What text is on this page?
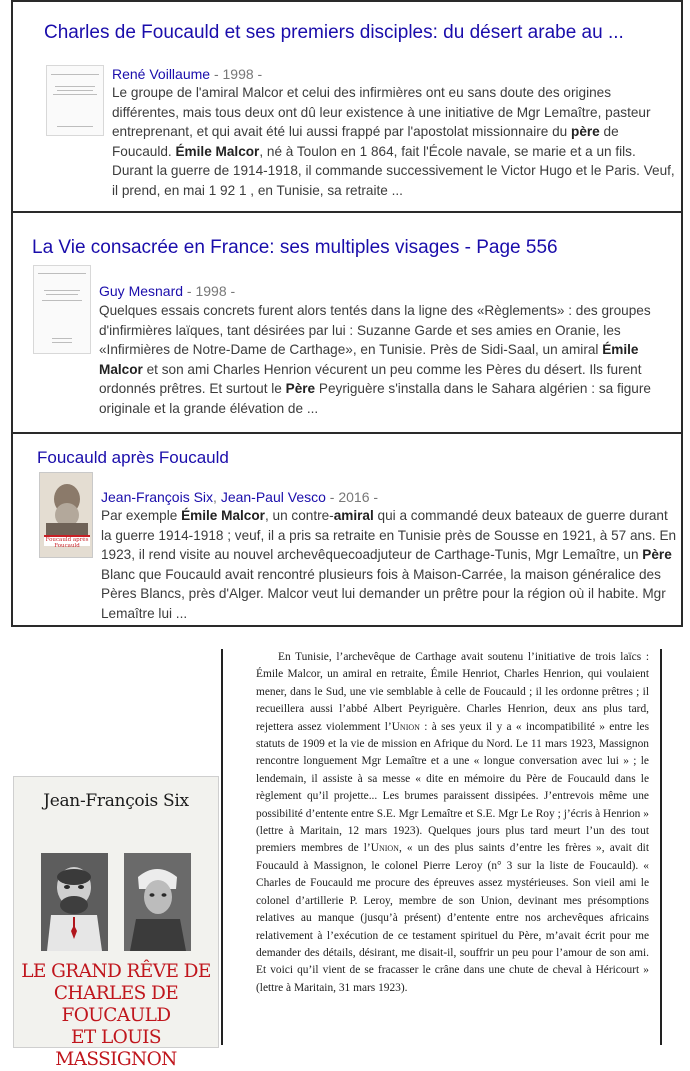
Charles de Foucauld et ses premiers disciples: du désert arabe au ...
René Voillaume - 1998 -

Le groupe de l'amiral Malcor et celui des infirmières ont eu sans doute des origines différentes, mais tous deux ont dû leur existence à une initiative de Mgr Lemaître, pasteur entreprenant, et qui avait été lui aussi frappé par l'apostolat missionnaire du père de Foucauld. Émile Malcor, né à Toulon en 1 864, fait l'École navale, se marie et a un fils. Durant la guerre de 1914-1918, il commande successivement le Victor Hugo et le Paris. Veuf, il prend, en mai 1 92 1 , en Tunisie, sa retraite ...

La Vie consacrée en France: ses multiples visages - Page 556
Guy Mesnard - 1998 -

Quelques essais concrets furent alors tentés dans la ligne des «Règlements» : des groupes d'infirmières laïques, tant désirées par lui : Suzanne Garde et ses amies en Oranie, les «Infirmières de Notre-Dame de Carthage», en Tunisie. Près de Sidi-Saal, un amiral Émile Malcor et son ami Charles Henrion vécurent un peu comme les Pères du désert. Ils furent ordonnés prêtres. Et surtout le Père Peyriguère s'installa dans le Sahara algérien : sa figure originale et la grande élévation de ...

Foucauld après Foucauld
Foucauld après Foucauld
Jean-François Six, Jean-Paul Vesco - 2016 -

Par exemple Émile Malcor, un contre-amiral qui a commandé deux bateaux de guerre durant la guerre 1914-1918 ; veuf, il a pris sa retraite en Tunisie près de Sousse en 1921, à 57 ans. En 1923, il rend visite au nouvel archevêquecoadjuteur de Carthage-Tunis, Mgr Lemaître, un Père Blanc que Foucauld avait rencontré plusieurs fois à Maison-Carrée, la maison généralice des Pères Blancs, près d'Alger. Malcor veut lui demander un prêtre pour la région où il habite. Mgr Lemaître lui ...

Jean-François Six
LE GRAND RÊVE DE
CHARLES DE FOUCAULD
ET LOUIS MASSIGNON

En Tunisie, l’archevêque de Carthage avait soutenu l’initiative de trois laïcs : Émile Malcor, un amiral en retraite, Émile Henriot, Charles Henrion, qui voulaient mener, dans le Sud, une vie semblable à celle de Foucauld ; il les ordonne prêtres ; il recueillera aussi l’abbé Albert Peyriguère. Charles Henrion, deux ans plus tard, rejettera assez violemment l’Union : à ses yeux il y a « incompatibilité » entre les statuts de 1909 et la vie de mission en Afrique du Nord. Le 11 mars 1923, Massignon rencontre longuement Mgr Lemaître et a une « longue conversation avec lui » ; le lendemain, il assiste à sa messe « dite en mémoire du Père de Foucauld dans le règlement qu’il projette... Les brumes paraissent dissipées. J’entrevois même une possibilité d’entente entre S.E. Mgr Lemaître et S.E. Mgr Le Roy ; j’écris à Henrion » (lettre à Maritain, 12 mars 1923). Quelques jours plus tard meurt l’un des tout premiers membres de l’Union, « un des plus saints d’entre les frères », avait dit Foucauld à Massignon, le colonel Pierre Leroy (n° 3 sur la liste de Foucauld). « Charles de Foucauld me procure des épreuves assez mystérieuses. Son vieil ami le colonel d’artillerie P. Leroy, membre de son Union, devinant mes présomptions relatives au manque (jusqu’à présent) d’entente entre nos archevêques africains relativement à l’exécution de ce testament spirituel du Père, m’avait écrit pour me demander des détails, désirant, me disait-il, souffrir un peu pour l’amour de son ami. Et voici qu’il vient de se fracasser le crâne dans une chute de cheval à Héricourt » (lettre à Maritain, 31 mars 1923).
